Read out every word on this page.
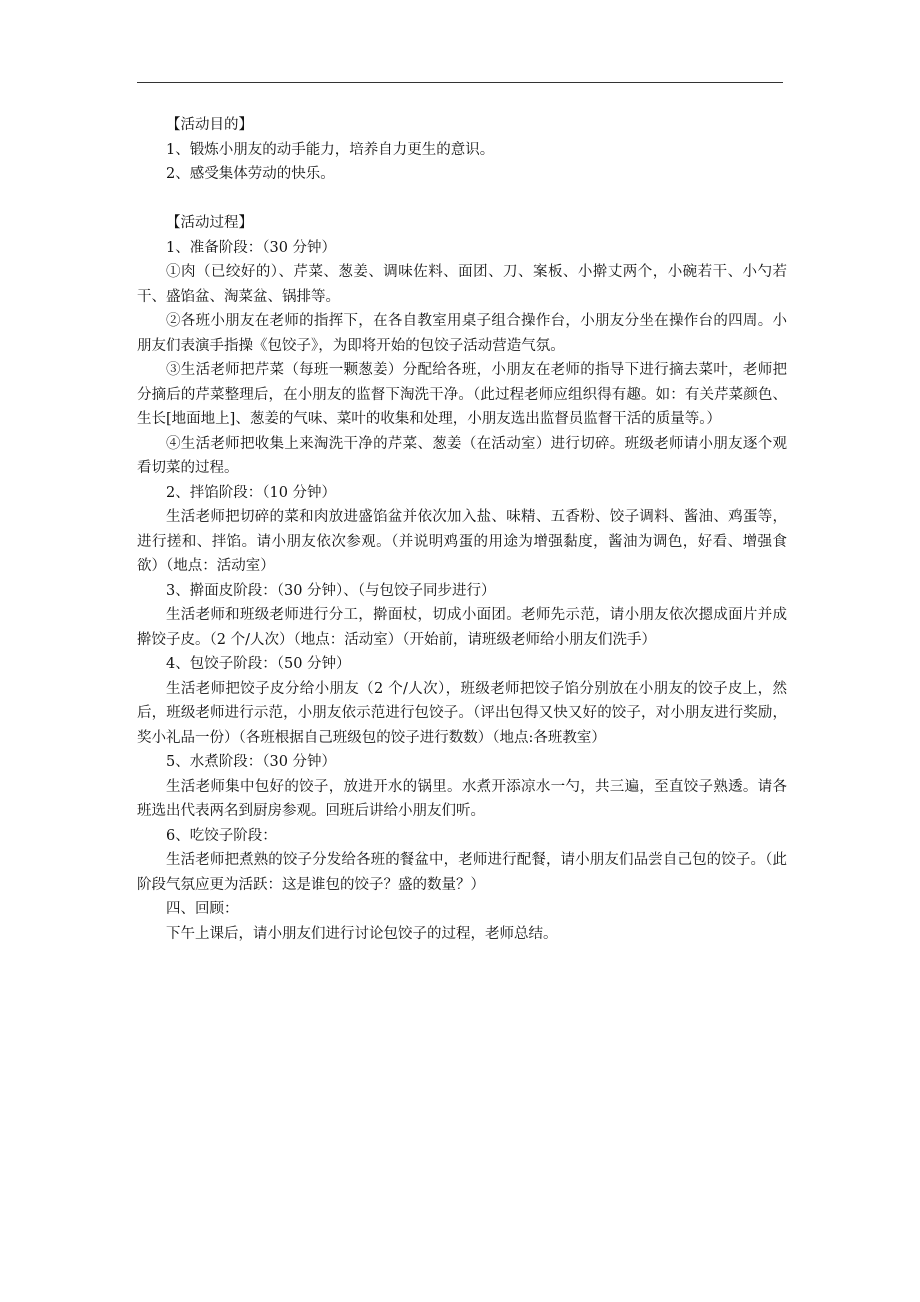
【活动目的】

1、锻炼小朋友的动手能力，培养自力更生的意识。

2、感受集体劳动的快乐。

【活动过程】

1、准备阶段：（30 分钟）

①肉（已绞好的）、芹菜、葱姜、调味佐料、面团、刀、案板、小擀丈两个，小碗若干、小勺若干、盛馅盆、淘菜盆、锅排等。

②各班小朋友在老师的指挥下，在各自教室用桌子组合操作台，小朋友分坐在操作台的四周。小朋友们表演手指操《包饺子》，为即将开始的包饺子活动营造气氛。

③生活老师把芹菜（每班一颗葱姜）分配给各班，小朋友在老师的指导下进行摘去菜叶，老师把分摘后的芹菜整理后，在小朋友的监督下淘洗干净。（此过程老师应组织得有趣。如：有关芹菜颜色、生长[地面地上]、葱姜的气味、菜叶的收集和处理，小朋友选出监督员监督干活的质量等。）

④生活老师把收集上来淘洗干净的芹菜、葱姜（在活动室）进行切碎。班级老师请小朋友逐个观看切菜的过程。

2、拌馅阶段：（10 分钟）

生活老师把切碎的菜和肉放进盛馅盆并依次加入盐、味精、五香粉、饺子调料、酱油、鸡蛋等，进行搓和、拌馅。请小朋友依次参观。（并说明鸡蛋的用途为增强黏度，酱油为调色，好看、增强食欲）（地点：活动室）

3、擀面皮阶段：（30 分钟）、（与包饺子同步进行）

生活老师和班级老师进行分工，擀面杖，切成小面团。老师先示范，请小朋友依次摁成面片并成擀饺子皮。（2 个/人次）（地点：活动室）（开始前，请班级老师给小朋友们洗手）

4、包饺子阶段：（50 分钟）

生活老师把饺子皮分给小朋友（2 个/人次），班级老师把饺子馅分别放在小朋友的饺子皮上，然后，班级老师进行示范，小朋友依示范进行包饺子。（评出包得又快又好的饺子，对小朋友进行奖励，奖小礼品一份）（各班根据自己班级包的饺子进行数数）（地点:各班教室）

5、水煮阶段：（30 分钟）

生活老师集中包好的饺子，放进开水的锅里。水煮开添凉水一勺，共三遍，至直饺子熟透。请各班选出代表两名到厨房参观。回班后讲给小朋友们听。

6、吃饺子阶段：

生活老师把煮熟的饺子分发给各班的餐盆中，老师进行配餐，请小朋友们品尝自己包的饺子。（此阶段气氛应更为活跃：这是谁包的饺子？盛的数量？）

四、回顾：

下午上课后，请小朋友们进行讨论包饺子的过程，老师总结。
